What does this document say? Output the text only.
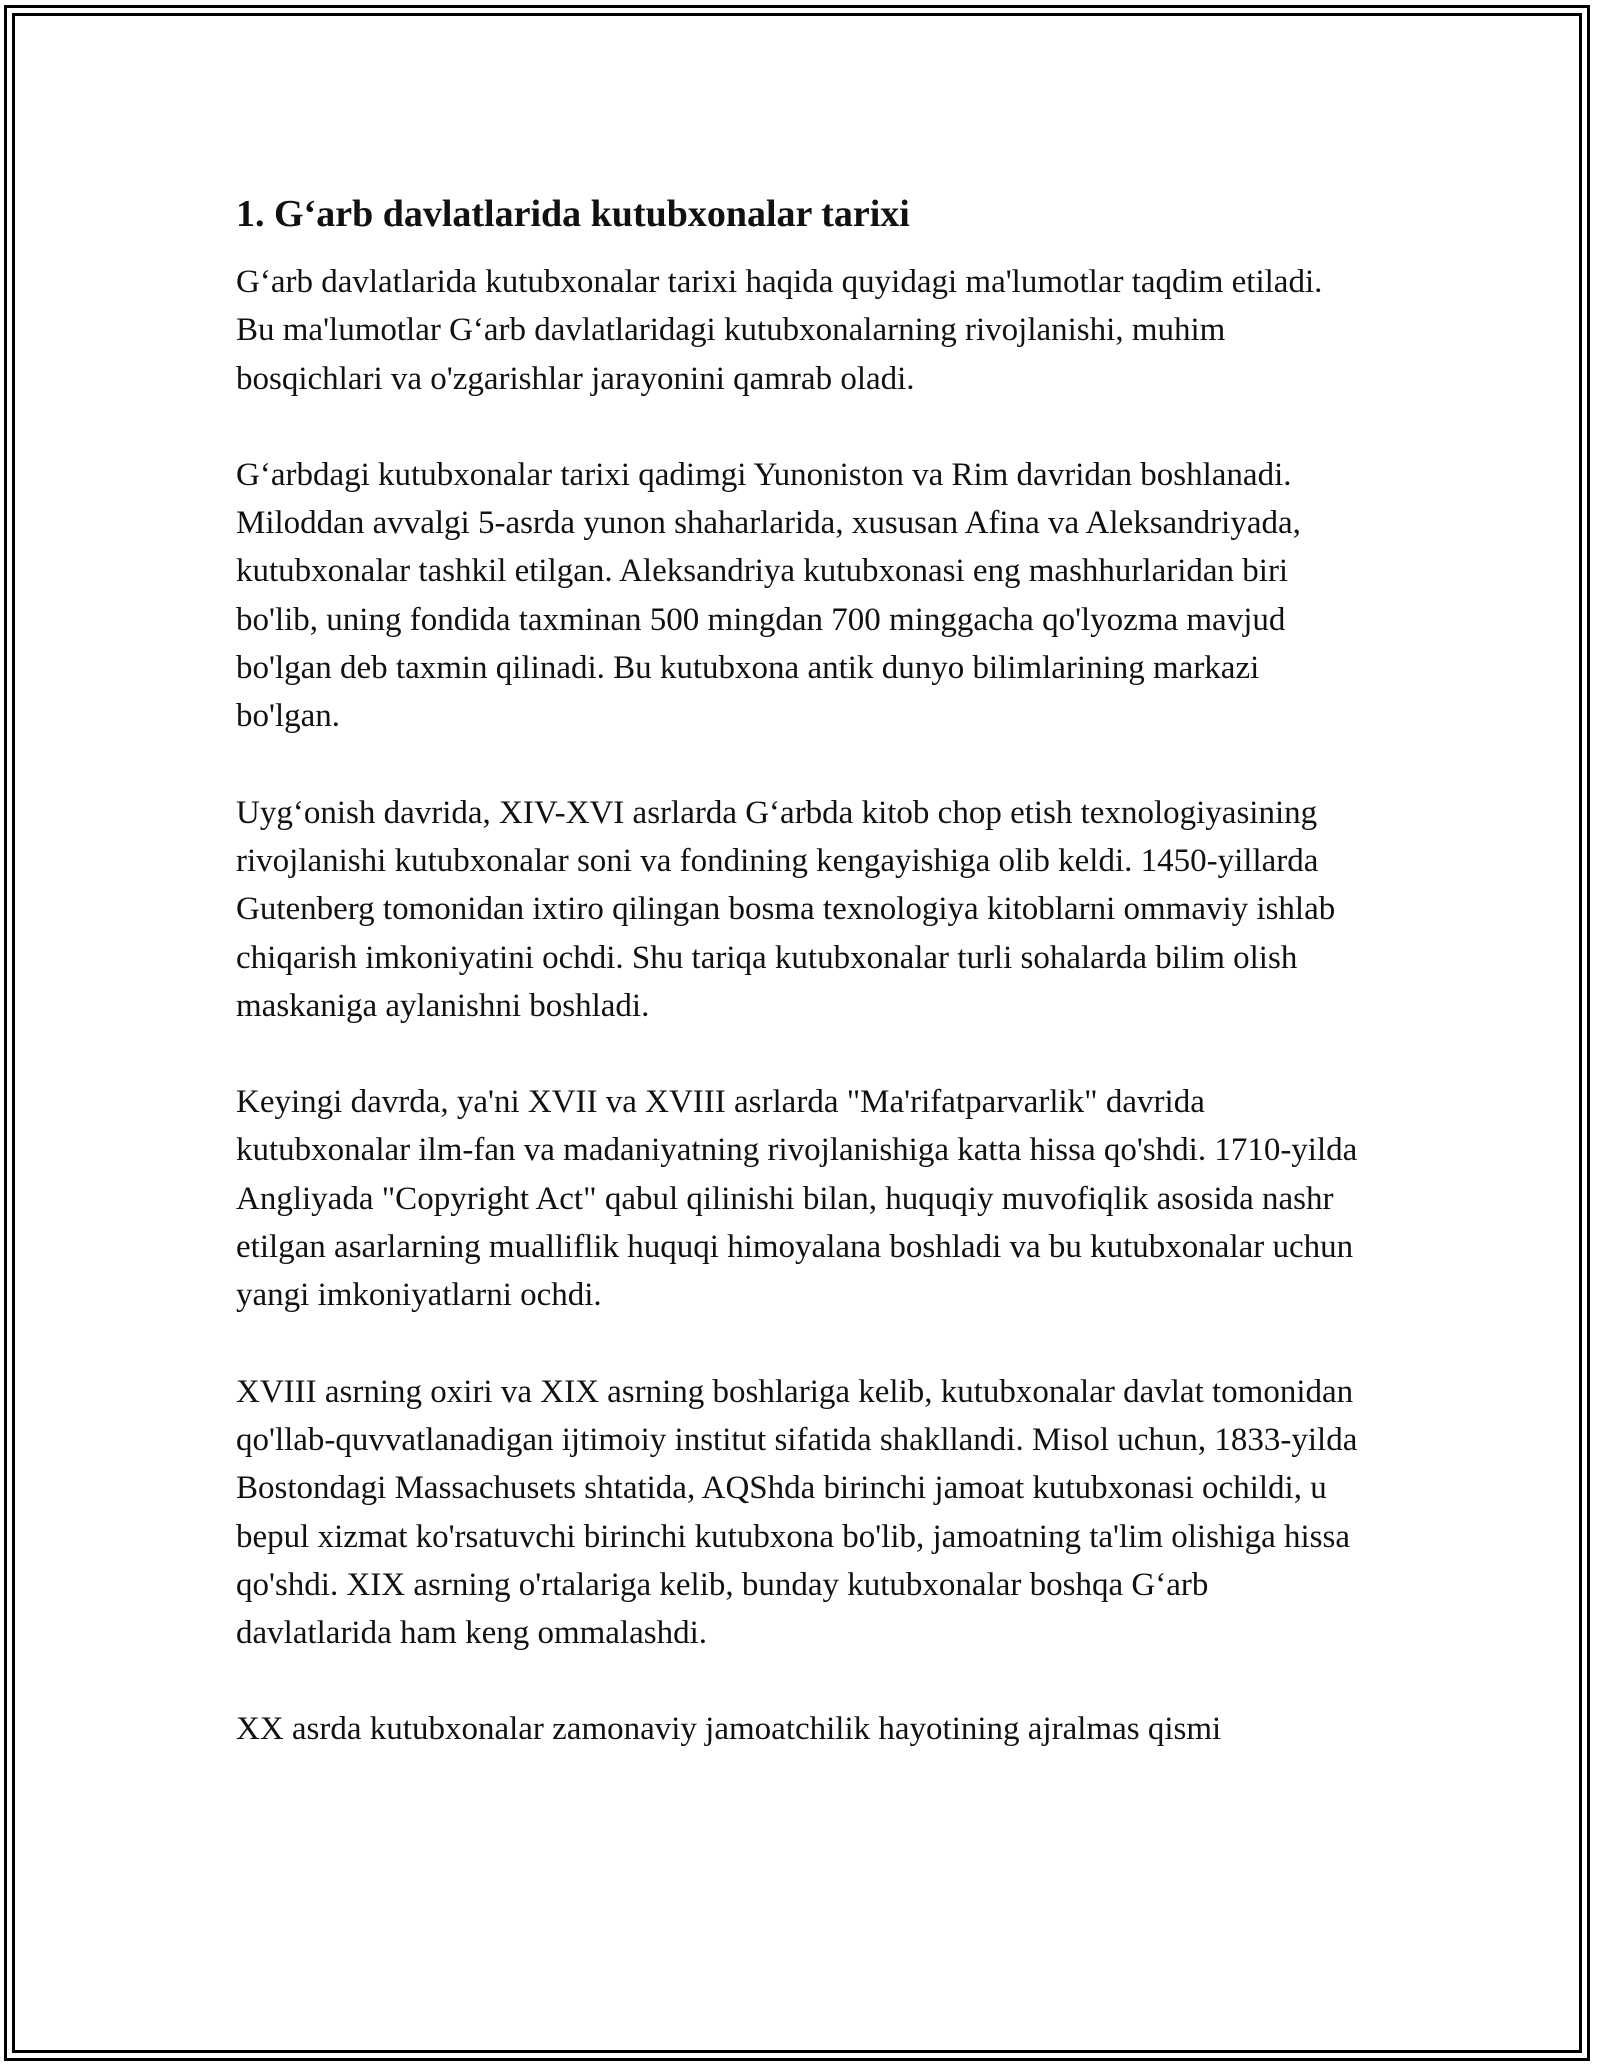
1. G‘arb davlatlarida kutubxonalar tarixi

G‘arb davlatlarida kutubxonalar tarixi haqida quyidagi ma'lumotlar taqdim etiladi. Bu ma'lumotlar G‘arb davlatlaridagi kutubxonalarning rivojlanishi, muhim bosqichlari va o'zgarishlar jarayonini qamrab oladi.

G‘arbdagi kutubxonalar tarixi qadimgi Yunoniston va Rim davridan boshlanadi. Miloddan avvalgi 5-asrda yunon shaharlarida, xususan Afina va Aleksandriyada, kutubxonalar tashkil etilgan. Aleksandriya kutubxonasi eng mashhurlaridan biri bo'lib, uning fondida taxminan 500 mingdan 700 minggacha qo'lyozma mavjud bo'lgan deb taxmin qilinadi. Bu kutubxona antik dunyo bilimlarining markazi bo'lgan.

Uyg‘onish davrida, XIV-XVI asrlarda G‘arbda kitob chop etish texnologiyasining rivojlanishi kutubxonalar soni va fondining kengayishiga olib keldi. 1450-yillarda Gutenberg tomonidan ixtiro qilingan bosma texnologiya kitoblarni ommaviy ishlab chiqarish imkoniyatini ochdi. Shu tariqa kutubxonalar turli sohalarda bilim olish maskaniga aylanishni boshladi.

Keyingi davrda, ya'ni XVII va XVIII asrlarda "Ma'rifatparvarlik" davrida kutubxonalar ilm-fan va madaniyatning rivojlanishiga katta hissa qo'shdi. 1710-yilda Angliyada "Copyright Act" qabul qilinishi bilan, huquqiy muvofiqlik asosida nashr etilgan asarlarning mualliflik huquqi himoyalana boshladi va bu kutubxonalar uchun yangi imkoniyatlarni ochdi.

XVIII asrning oxiri va XIX asrning boshlariga kelib, kutubxonalar davlat tomonidan qo'llab-quvvatlanadigan ijtimoiy institut sifatida shakllandi. Misol uchun, 1833-yilda Bostondagi Massachusets shtatida, AQShda birinchi jamoat kutubxonasi ochildi, u bepul xizmat ko'rsatuvchi birinchi kutubxona bo'lib, jamoatning ta'lim olishiga hissa qo'shdi. XIX asrning o'rtalariga kelib, bunday kutubxonalar boshqa G‘arb davlatlarida ham keng ommalashdi.

XX asrda kutubxonalar zamonaviy jamoatchilik hayotining ajralmas qismi
